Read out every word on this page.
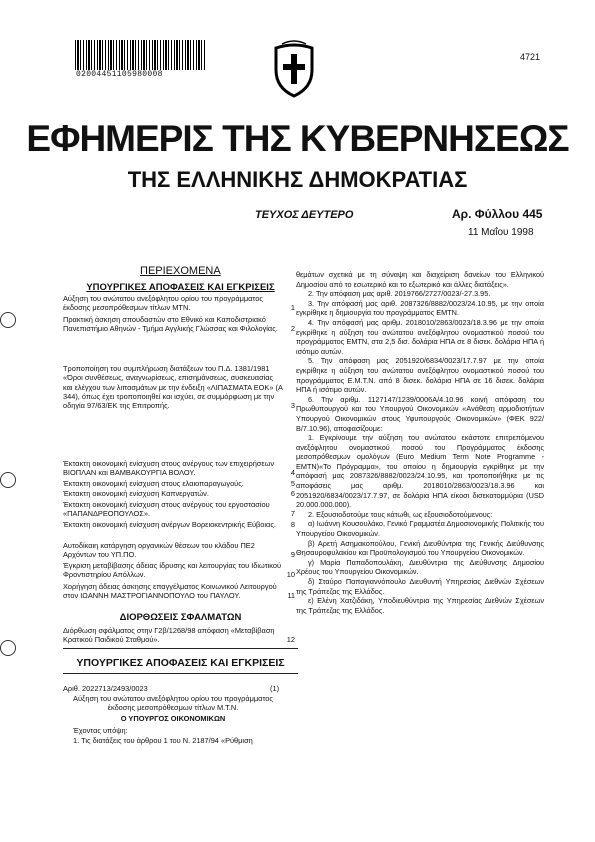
02004451105980008
4721
ΕΦΗΜΕΡΙΣ ΤΗΣ ΚΥΒΕΡΝΗΣΕΩΣ
ΤΗΣ ΕΛΛΗΝΙΚΗΣ ΔΗΜΟΚΡΑΤΙΑΣ
ΤΕΥΧΟΣ ΔΕΥΤΕΡΟ	Αρ. Φύλλου 445
11 Μαΐου 1998
ΠΕΡΙΕΧΟΜΕΝΑ
ΥΠΟΥΡΓΙΚΕΣ ΑΠΟΦΑΣΕΙΣ ΚΑΙ ΕΓΚΡΙΣΕΙΣ
Αύξηση του ανώτατου ανεξόφλητου ορίου του προγράμματος έκδοσης μεσοπρόθεσμων τίτλων ΜΤΝ.	1
Πρακτική άσκηση σπουδαστών στο Εθνικό και Καποδιστριακό Πανεπιστήμιο Αθηνών - Τμήμα Αγγλικής Γλώσσας και Φιλολογίας. 2
Τροποποίηση του συμπλήρωση διατάξεων του Π.Δ. 1381/1981 «Όροι συνθέσεως, αναγνωρίσεως, επισημάνσεως, συσκευασίας και ελέγχου των λιπασμάτων με την ένδειξη «ΛΙΠΑΣΜΑΤΑ ΕΟΚ» (Α 344), όπως έχει τροποποιηθεί και ισχύει, σε συμμόρφωση με την οδηγία 97/63/ΕΚ της Επιτροπής.	3
Έκτακτη οικονομική ενίσχυση στους ανέργους των επιχειρήσεων ΒΙΟΠΛΑΝ και ΒΑΜΒΑΚΟΥΡΓΙΑ ΒΟΛΟΥ.	4
Έκτακτη οικονομική ενίσχυση στους ελαιοπαραγωγούς.	5
Έκτακτη οικονομική ενίσχυση Καπνεργατών.	6
Έκτακτη οικονομική ενίσχυση στους ανέργους του εργοστασίου «ΠΑΠΑΝΔΡΕΟΠΟΥΛΟΣ».	7
Έκτακτη οικονομική ενίσχυση ανέργων Βορειοκεντρικής Εύβοιας. 8
Αυτοδίκαιη κατάργηση οργανικών θέσεων του κλάδου ΠΕ2 Αρχόντων του ΥΠ.ΠΟ.	9
Έγκριση μεταβίβασης άδειας ίδρυσης και λειτουργίας του Ιδιωτικού Φροντιστηρίου Απόλλων.	10
Χορήγηση άδειας άσκησης επαγγέλματος Κοινωνικού Λειτουργού στον ΙΩΑΝΝΗ ΜΑΣΤΡΟΓΙΑΝΝΟΠΟΥΛΟ του ΠΑΥΛΟΥ.	11
ΔΙΟΡΘΩΣΕΙΣ ΣΦΑΛΜΑΤΩΝ
Διόρθωση σφάλματος στην Γ2β/1268/98 απόφαση «Μεταβίβαση Κρατικού Παιδικού Σταθμού».	12
ΥΠΟΥΡΓΙΚΕΣ ΑΠΟΦΑΣΕΙΣ ΚΑΙ ΕΓΚΡΙΣΕΙΣ
Αριθ. 2022713/2493/0023	(1)
Αύξηση του ανώτατου ανεξόφλητου ορίου του προγράμματος έκδοσης μεσοπρόθεσμων τίτλων Μ.Τ.Ν.
Ο ΥΠΟΥΡΓΟΣ ΟΙΚΟΝΟΜΙΚΩΝ
Έχοντας υπόψη:
1. Τις διατάξεις του άρθρου 1 του Ν. 2187/94 «Ρύθμιση

θεμάτων σχετικά με τη σύναψη και διαχείριση δανείων του Ελληνικού Δημοσίου από το εσωτερικό και το εξωτερικό και άλλες διατάξεις».

2. Την απόφαση μας αριθ. 2019766/2727/0023/-27.3.95.

3. Την απόφασή μας αριθ. 2087326/8882/0023/24.10.95, με την οποία εγκρίθηκε η δημιουργία του προγράμματος ΕΜΤΝ.

4. Την απόφασή μας αριθμ. 2018010/2863/0023/18.3.96 με την οποία εγκρίθηκε η αύξηση του ανώτατου ανεξόφλητου ονομαστικού ποσού του προγράμματος ΕΜΤΝ, στα 2,5 δισ. δολάρια ΗΠΑ σε 8 δισεκ. δολάρια ΗΠΑ ή ισότιμο αυτών.

5. Την απόφαση μας 2051920/6834/0023/17.7.97 με την οποία εγκρίθηκε η αύξηση του ανώτατου ανεξόφλητου ονομαστικού ποσού του προγράμματος Ε.Μ.Τ.Ν. από 8 δισεκ. δολάρια ΗΠΑ σε 16 δισεκ. δολάρια ΗΠΑ ή ισότιμο αυτών.

6. Την αριθμ. 1127147/1239/0006Α/4.10.96 κοινή απόφαση του Πρωθυπουργού και του Υπουργού Οικονομικών «Ανάθεση αρμοδιοτήτων Υπουργού Οικονομικών στους Υφυπουργούς Οικονομικών» (ΦΕΚ 922/Β/7.10.96), αποφασίζουμε:

1. Εγκρίνουμε την αύξηση του ανώτατου εκάστοτε επιτρεπόμενου ανεξόφλητου ονομαστικού ποσού του Προγράμματος έκδοσης μεσοπρόθεσμων ομολόγων (Euro Medium Term Note Programme - EMTN)«Το Πρόγραμμα», του οποίου η δημιουργία εγκρίθηκε με την απόφασή μας 2087326/8882/0023/24.10.95, και τροποποιήθηκε με τις αποφάσεις μας αριθμ. 2018010/2863/0023/18.3.96 και 2051920/6834/0023/17.7.97, σε δολάρια ΗΠΑ είκοσι δισεκατομμύρια (USD 20.000.000.000).

2. Εξουσιοδοτούμε τους κάτωθι, ως εξουσιοδοτούμενους:

α) Ιωάννη Κουσουλάκο, Γενικό Γραμματέα Δημοσιονομικής Πολιτικής του Υπουργείου Οικονομικών.

β) Αρετή Ασημακοπούλου, Γενική Διευθύντρια της Γενικής Διεύθυνσης Θησαυροφυλακίου και Προϋπολογισμού του Υπουργείου Οικονομικών.

γ) Μαρία Παπαδοπουλάκη, Διευθύντρια της Διεύθυνσης Δημοσίου Χρέους του Υπουργείου Οικονομικών.

δ) Σταύρο Παπαγιαννόπουλο Διευθυντή Υπηρεσίας Διεθνών Σχέσεων της Τράπεζας της Ελλάδος.

ε) Ελένη Χατζιδάκη, Υποδιευθύντρια της Υπηρεσίας Διεθνών Σχέσεων της Τράπεζας της Ελλάδος.
